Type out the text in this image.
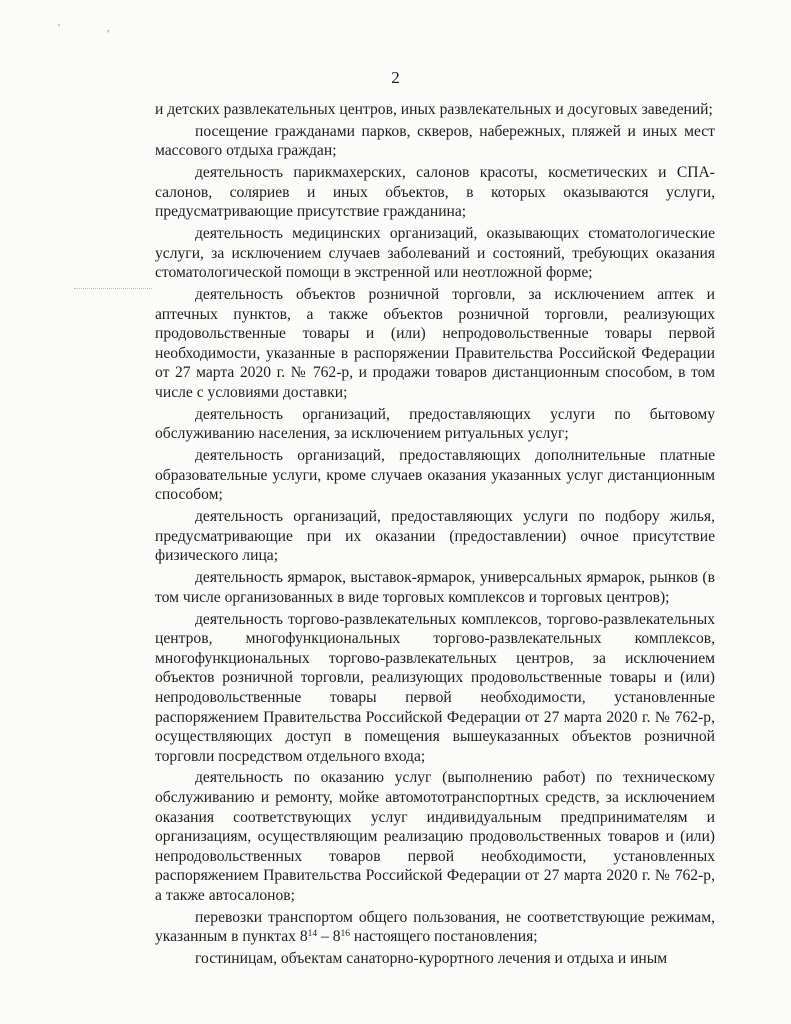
' ,
2

и детских развлекательных центров, иных развлекательных и досуговых заведений;

посещение гражданами парков, скверов, набережных, пляжей и иных мест массового отдыха граждан;

деятельность парикмахерских, салонов красоты, косметических и СПА-салонов, соляриев и иных объектов, в которых оказываются услуги, предусматривающие присутствие гражданина;

деятельность медицинских организаций, оказывающих стоматологические услуги, за исключением случаев заболеваний и состояний, требующих оказания стоматологической помощи в экстренной или неотложной форме;

деятельность объектов розничной торговли, за исключением аптек и аптечных пунктов, а также объектов розничной торговли, реализующих продовольственные товары и (или) непродовольственные товары первой необходимости, указанные в распоряжении Правительства Российской Федерации от 27 марта 2020 г. № 762-р, и продажи товаров дистанционным способом, в том числе с условиями доставки;

деятельность организаций, предоставляющих услуги по бытовому обслуживанию населения, за исключением ритуальных услуг;

деятельность организаций, предоставляющих дополнительные платные образовательные услуги, кроме случаев оказания указанных услуг дистанционным способом;

деятельность организаций, предоставляющих услуги по подбору жилья, предусматривающие при их оказании (предоставлении) очное присутствие физического лица;

деятельность ярмарок, выставок-ярмарок, универсальных ярмарок, рынков (в том числе организованных в виде торговых комплексов и торговых центров);

деятельность торгово-развлекательных комплексов, торгово-развлекательных центров, многофункциональных торгово-развлекательных комплексов, многофункциональных торгово-развлекательных центров, за исключением объектов розничной торговли, реализующих продовольственные товары и (или) непродовольственные товары первой необходимости, установленные распоряжением Правительства Российской Федерации от 27 марта 2020 г. № 762-р, осуществляющих доступ в помещения вышеуказанных объектов розничной торговли посредством отдельного входа;

деятельность по оказанию услуг (выполнению работ) по техническому обслуживанию и ремонту, мойке автомототранспортных средств, за исключением оказания соответствующих услуг индивидуальным предпринимателям и организациям, осуществляющим реализацию продовольственных товаров и (или) непродовольственных товаров первой необходимости, установленных распоряжением Правительства Российской Федерации от 27 марта 2020 г. № 762-р, а также автосалонов;

перевозки транспортом общего пользования, не соответствующие режимам, указанным в пунктах $8^{14} - 8^{16}$ настоящего постановления;

гостиницам, объектам санаторно-курортного лечения и отдыха и иным
